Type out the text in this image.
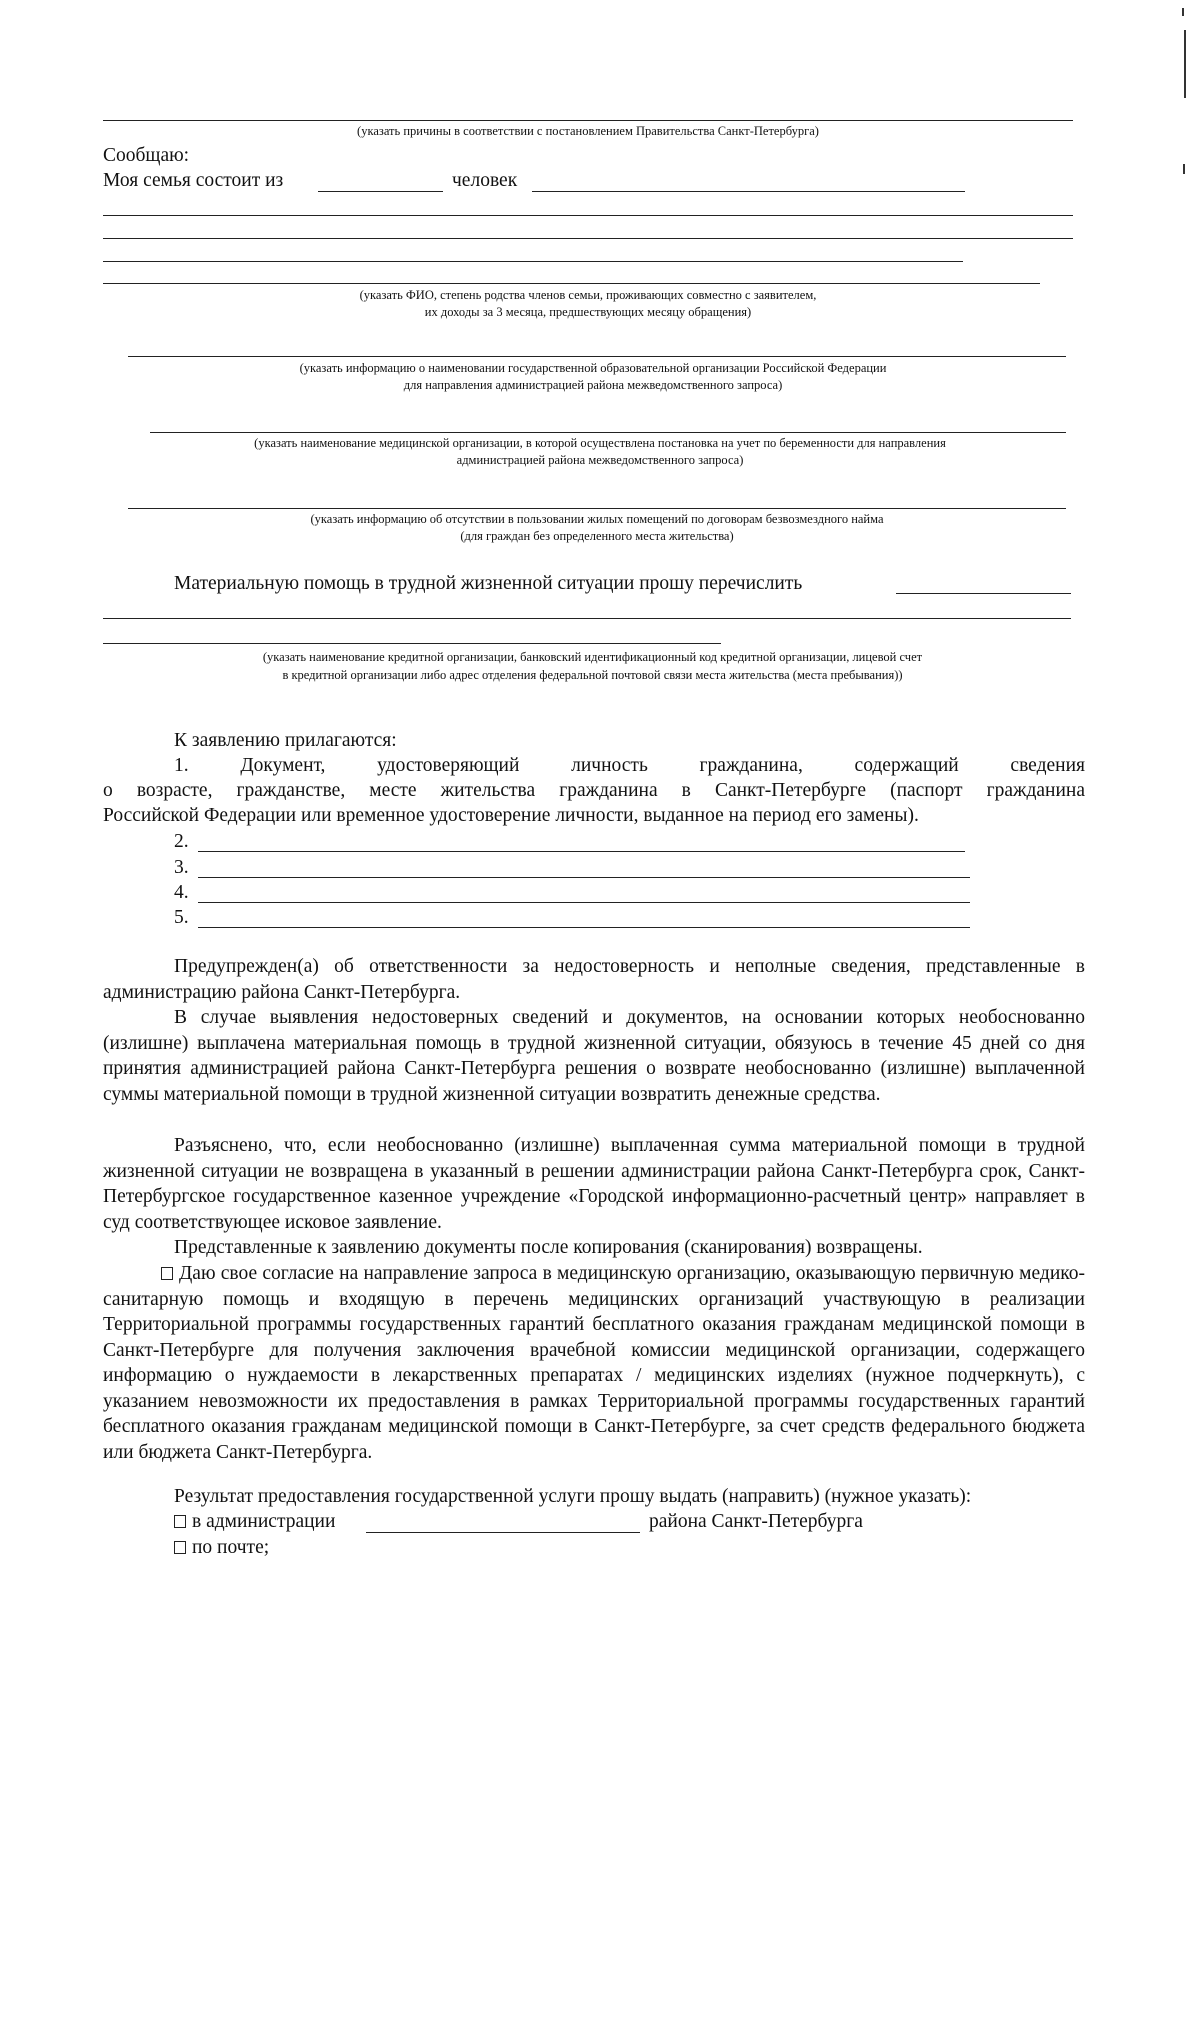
(указать причины в соответствии с постановлением Правительства Санкт-Петербурга)
Сообщаю:
Моя семья состоит из	человек
(указать ФИО, степень родства членов семьи, проживающих совместно с заявителем,
их доходы за 3 месяца, предшествующих месяцу обращения)
(указать информацию о наименовании государственной образовательной организации Российской Федерации
для направления администрацией района межведомственного запроса)
(указать наименование медицинской организации, в которой осуществлена постановка на учет по беременности для направления
администрацией района межведомственного запроса)
(указать информацию об отсутствии в пользовании жилых помещений по договорам безвозмездного найма
(для граждан без определенного места жительства)
Материальную помощь в трудной жизненной ситуации прошу перечислить
(указать наименование кредитной организации, банковский идентификационный код кредитной организации, лицевой счет
в кредитной организации либо адрес отделения федеральной почтовой связи места жительства (места пребывания))
К заявлению прилагаются:
1. Документ, удостоверяющий личность гражданина, содержащий сведения
о возрасте, гражданстве, месте жительства гражданина в Санкт-Петербурге (паспорт гражданина
Российской Федерации или временное удостоверение личности, выданное на период его замены).
2.
3.
4.
5.
Предупрежден(а) об ответственности за недостоверность и неполные сведения, представленные в администрацию района Санкт-Петербурга.
В случае выявления недостоверных сведений и документов, на основании которых необоснованно (излишне) выплачена материальная помощь в трудной жизненной ситуации, обязуюсь в течение 45 дней со дня принятия администрацией района Санкт-Петербурга решения о возврате необоснованно (излишне) выплаченной суммы материальной помощи в трудной жизненной ситуации возвратить денежные средства.
Разъяснено, что, если необоснованно (излишне) выплаченная сумма материальной помощи в трудной жизненной ситуации не возвращена в указанный в решении администрации района Санкт-Петербурга срок, Санкт-Петербургское государственное казенное учреждение «Городской информационно-расчетный центр» направляет в суд соответствующее исковое заявление.
Представленные к заявлению документы после копирования (сканирования) возвращены.
Даю свое согласие на направление запроса в медицинскую организацию, оказывающую первичную медико-санитарную помощь и входящую в перечень медицинских организаций участвующую в реализации Территориальной программы государственных гарантий бесплатного оказания гражданам медицинской помощи в Санкт-Петербурге для получения заключения врачебной комиссии медицинской организации, содержащего информацию о нуждаемости в лекарственных препаратах / медицинских изделиях (нужное подчеркнуть), с указанием невозможности их предоставления в рамках Территориальной программы государственных гарантий бесплатного оказания гражданам медицинской помощи в Санкт-Петербурге, за счет средств федерального бюджета или бюджета Санкт-Петербурга.
Результат предоставления государственной услуги прошу выдать (направить) (нужное указать):
в администрации	района Санкт-Петербурга
по почте;
